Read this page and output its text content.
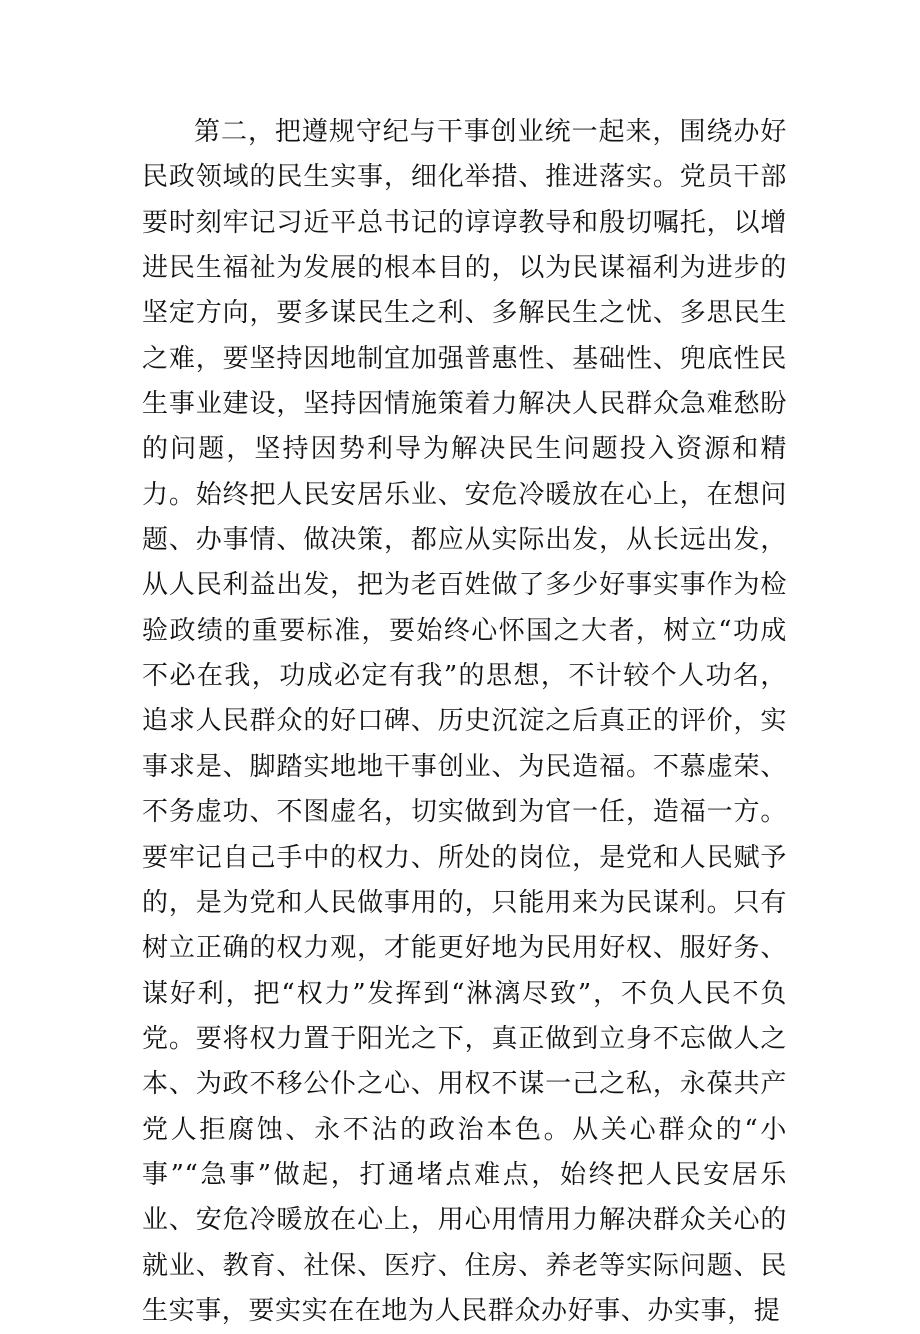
第二，把遵规守纪与干事创业统一起来，围绕办好民政领域的民生实事，细化举措、推进落实。党员干部要时刻牢记习近平总书记的谆谆教导和殷切嘱托，以增进民生福祉为发展的根本目的，以为民谋福利为进步的坚定方向，要多谋民生之利、多解民生之忧、多思民生之难，要坚持因地制宜加强普惠性、基础性、兜底性民生事业建设，坚持因情施策着力解决人民群众急难愁盼的问题，坚持因势利导为解决民生问题投入资源和精力。始终把人民安居乐业、安危冷暖放在心上，在想问题、办事情、做决策，都应从实际出发，从长远出发，从人民利益出发，把为老百姓做了多少好事实事作为检验政绩的重要标准，要始终心怀国之大者，树立“功成不必在我，功成必定有我”的思想，不计较个人功名，追求人民群众的好口碑、历史沉淀之后真正的评价，实事求是、脚踏实地地干事创业、为民造福。不慕虚荣、不务虚功、不图虚名，切实做到为官一任，造福一方。要牢记自己手中的权力、所处的岗位，是党和人民赋予的，是为党和人民做事用的，只能用来为民谋利。只有树立正确的权力观，才能更好地为民用好权、服好务、谋好利，把“权力”发挥到“淋漓尽致”，不负人民不负党。要将权力置于阳光之下，真正做到立身不忘做人之本、为政不移公仆之心、用权不谋一己之私，永葆共产党人拒腐蚀、永不沾的政治本色。从关心群众的“小事”“急事”做起，打通堵点难点，始终把人民安居乐业、安危冷暖放在心上，用心用情用力解决群众关心的就业、教育、社保、医疗、住房、养老等实际问题、民生实事，要实实在在地为人民群众办好事、办实事，提
